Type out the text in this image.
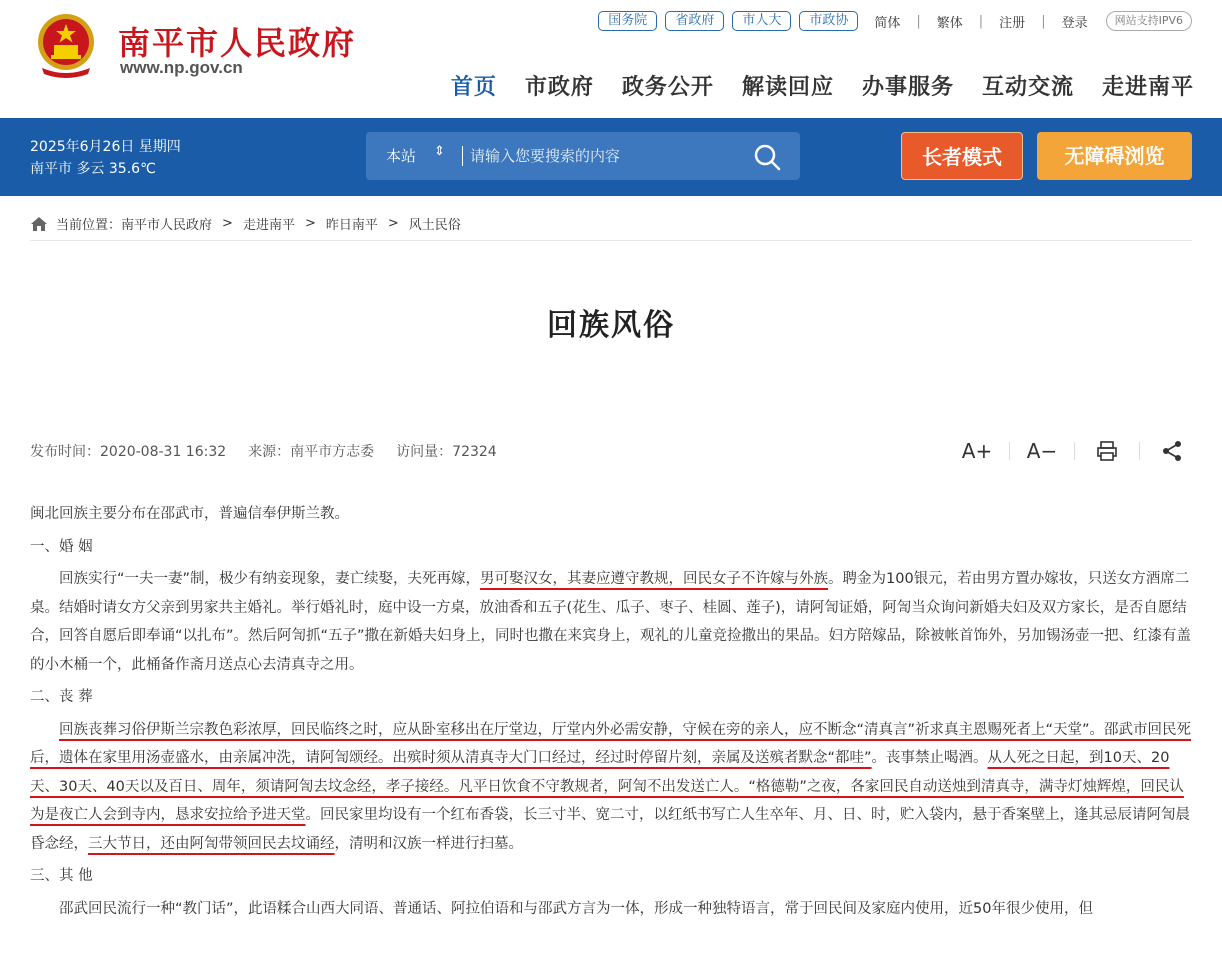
南平市人民政府
www.np.gov.cn
国务院	省政府	市人大	市政协	简体 | 繁体 | 注册 | 登录	网站支持IPV6
首页 市政府 政务公开 解读回应 办事服务 互动交流 走进南平
2025年6月26日 星期四
南平市 多云 35.6℃
本站 ⇕
请输入您要搜索的内容	长者模式	无障碍浏览
当前位置： 南平市人民政府 > 走进南平 > 昨日南平 > 风土民俗
回族风俗
发布时间：2020-08-31 16:32 来源：南平市方志委 访问量：72324	A+ A−

闽北回族主要分布在邵武市，普遍信奉伊斯兰教。

一、婚 姻

回族实行“一夫一妻”制，极少有纳妾现象，妻亡续娶，夫死再嫁，男可娶汉女，其妻应遵守教规，回民女子不许嫁与外族。聘金为100银元，若由男方置办嫁妆，只送女方酒席二桌。结婚时请女方父亲到男家共主婚礼。举行婚礼时，庭中设一方桌，放油香和五子(花生、瓜子、枣子、桂圆、莲子)，请阿訇证婚，阿訇当众询问新婚夫妇及双方家长，是否自愿结合，回答自愿后即奉诵“以扎布”。然后阿訇抓“五子”撒在新婚夫妇身上，同时也撒在来宾身上，观礼的儿童竞捡撒出的果品。妇方陪嫁品，除被帐首饰外，另加锡汤壶一把、红漆有盖的小木桶一个，此桶备作斋月送点心去清真寺之用。

二、丧 葬

回族丧葬习俗伊斯兰宗教色彩浓厚，回民临终之时，应从卧室移出在厅堂边，厅堂内外必需安静，守候在旁的亲人，应不断念“清真言”祈求真主恩赐死者上“天堂”。邵武市回民死后，遗体在家里用汤壶盛水，由亲属冲洗，请阿訇颂经。出殡时须从清真寺大门口经过，经过时停留片刻，亲属及送殡者默念“都哇”。丧事禁止喝酒。从人死之日起，到10天、20天、30天、40天以及百日、周年，须请阿訇去坟念经，孝子接经。凡平日饮食不守教规者，阿訇不出发送亡人。“格德勒”之夜，各家回民自动送烛到清真寺，满寺灯烛辉煌，回民认为是夜亡人会到寺内，恳求安拉给予进天堂。回民家里均设有一个红布香袋，长三寸半、宽二寸，以红纸书写亡人生卒年、月、日、时，贮入袋内，悬于香案壁上，逢其忌辰请阿訇晨昏念经，三大节日，还由阿訇带领回民去坟诵经，清明和汉族一样进行扫墓。

三、其 他

邵武回民流行一种“教门话”，此语糅合山西大同语、普通话、阿拉伯语和与邵武方言为一体，形成一种独特语言，常于回民间及家庭内使用，近50年很少使用，但
